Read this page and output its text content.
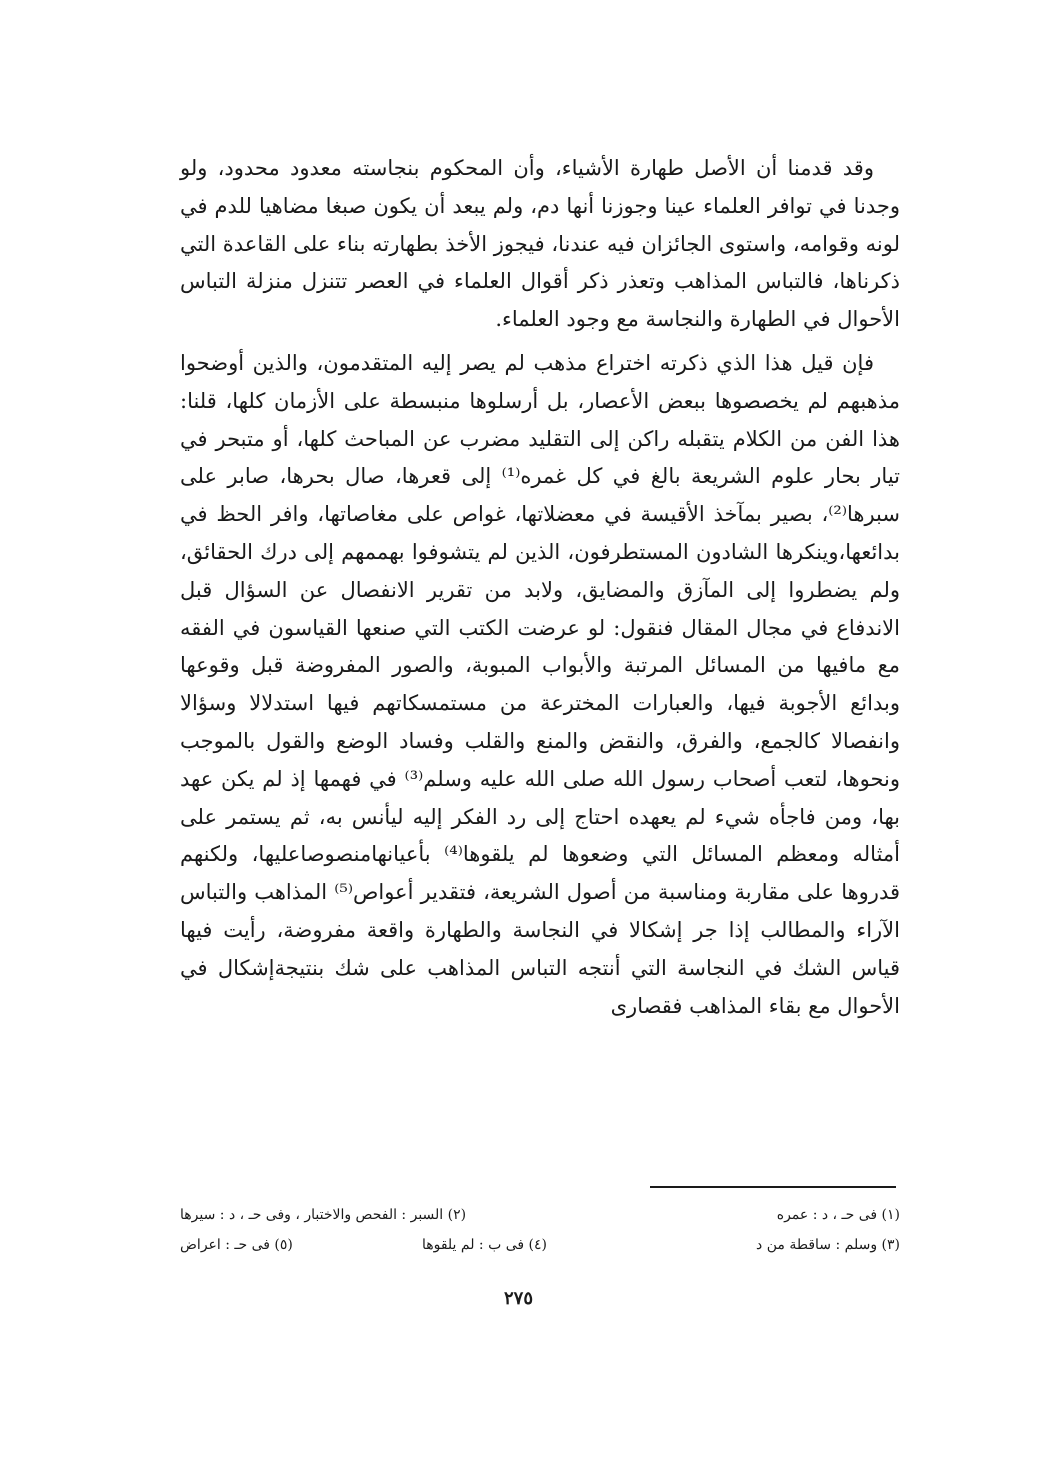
وقد قدمنا أن الأصل طهارة الأشياء، وأن المحكوم بنجاسته معدود محدود، ولو وجدنا في توافر العلماء عينا وجوزنا أنها دم، ولم يبعد أن يكون صبغا مضاهيا للدم في لونه وقوامه، واستوى الجائزان فيه عندنا، فيجوز الأخذ بطهارته بناء على القاعدة التي ذكرناها، فالتباس المذاهب وتعذر ذكر أقوال العلماء في العصر تتنزل منزلة التباس الأحوال في الطهارة والنجاسة مع وجود العلماء.

فإن قيل هذا الذي ذكرته اختراع مذهب لم يصر إليه المتقدمون، والذين أوضحوا مذهبهم لم يخصصوها ببعض الأعصار، بل أرسلوها منبسطة على الأزمان كلها، قلنا: هذا الفن من الكلام يتقبله راكن إلى التقليد مضرب عن المباحث كلها، أو متبحر في تيار بحار علوم الشريعة بالغ في كل غمره⁽¹⁾ إلى قعرها، صال بحرها، صابر على سبرها⁽²⁾، بصير بمآخذ الأقيسة في معضلاتها، غواص على مغاصاتها، وافر الحظ في بدائعها،وينكرها الشادون المستطرفون، الذين لم يتشوفوا بهممهم إلى درك الحقائق، ولم يضطروا إلى المآزق والمضايق، ولابد من تقرير الانفصال عن السؤال قبل الاندفاع في مجال المقال فنقول: لو عرضت الكتب التي صنعها القياسون في الفقه مع مافيها من المسائل المرتبة والأبواب المبوبة، والصور المفروضة قبل وقوعها وبدائع الأجوبة فيها، والعبارات المخترعة من مستمسكاتهم فيها استدلالا وسؤالا وانفصالا كالجمع، والفرق، والنقض والمنع والقلب وفساد الوضع والقول بالموجب ونحوها، لتعب أصحاب رسول الله صلى الله عليه وسلم⁽³⁾ في فهمها إذ لم يكن عهد بها، ومن فاجأه شيء لم يعهده احتاج إلى رد الفكر إليه ليأنس به، ثم يستمر على أمثاله ومعظم المسائل التي وضعوها لم يلقوها⁽⁴⁾ بأعيانهامنصوصاعليها، ولكنهم قدروها على مقاربة ومناسبة من أصول الشريعة، فتقدير أعواص⁽⁵⁾ المذاهب والتباس الآراء والمطالب إذا جر إشكالا في النجاسة والطهارة واقعة مفروضة، رأيت فيها قياس الشك في النجاسة التي أنتجه التباس المذاهب على شك بنتيجةإشكال في الأحوال مع بقاء المذاهب فقصارى

(١) فى حـ ، د : عمره
(٢) السبر : الفحص والاختبار ، وفى حـ ، د : سيرها
(٣) وسلم : ساقطة من د
(٤) فى ب : لم يلقوها
(٥) فى حـ : اعراض
٢٧٥
